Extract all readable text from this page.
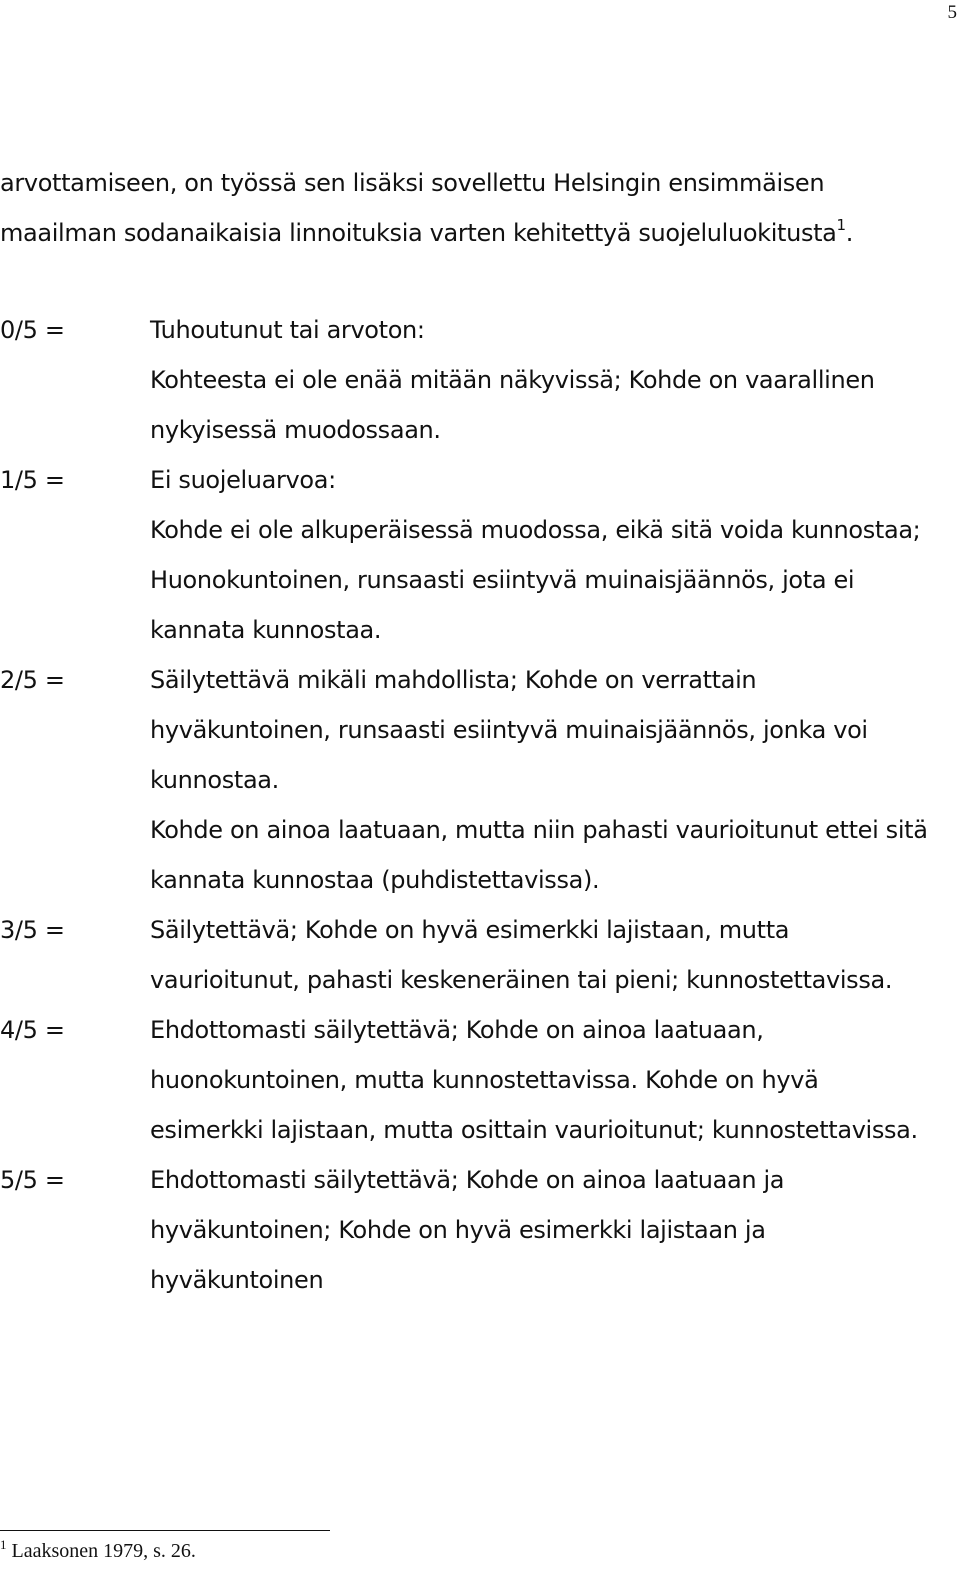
5

arvottamiseen, on työssä sen lisäksi sovellettu Helsingin ensimmäisen

maailman sodanaikaisia linnoituksia varten kehitettyä suojeluluokitusta$^1$.

0/5 =	Tuhoutunut tai arvoton:

Kohteesta ei ole enää mitään näkyvissä; Kohde on vaarallinen

nykyisessä muodossaan.

1/5 =	Ei suojeluarvoa:

Kohde ei ole alkuperäisessä muodossa, eikä sitä voida kunnostaa;

Huonokuntoinen, runsaasti esiintyvä muinaisjäännös, jota ei

kannata kunnostaa.

2/5 =	Säilytettävä mikäli mahdollista; Kohde on verrattain

hyväkuntoinen, runsaasti esiintyvä muinaisjäännös, jonka voi

kunnostaa.

Kohde on ainoa laatuaan, mutta niin pahasti vaurioitunut ettei sitä

kannata kunnostaa (puhdistettavissa).

3/5 =	Säilytettävä; Kohde on hyvä esimerkki lajistaan, mutta

vaurioitunut, pahasti keskeneräinen tai pieni; kunnostettavissa.

4/5 =	Ehdottomasti säilytettävä; Kohde on ainoa laatuaan,

huonokuntoinen, mutta kunnostettavissa. Kohde on hyvä

esimerkki lajistaan, mutta osittain vaurioitunut; kunnostettavissa.

5/5 =	Ehdottomasti säilytettävä; Kohde on ainoa laatuaan ja

hyväkuntoinen; Kohde on hyvä esimerkki lajistaan ja

hyväkuntoinen

$^1$ Laaksonen 1979, s. 26.
